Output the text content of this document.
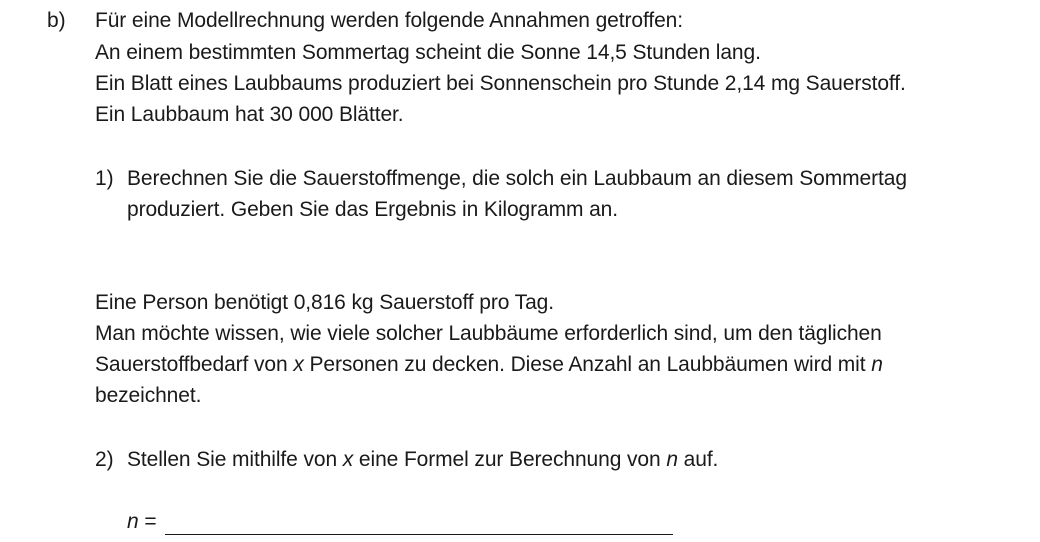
b) Für eine Modellrechnung werden folgende Annahmen getroffen:
An einem bestimmten Sommertag scheint die Sonne 14,5 Stunden lang.
Ein Blatt eines Laubbaums produziert bei Sonnenschein pro Stunde 2,14 mg Sauerstoff.
Ein Laubbaum hat 30 000 Blätter.
1) Berechnen Sie die Sauerstoffmenge, die solch ein Laubbaum an diesem Sommertag
produziert. Geben Sie das Ergebnis in Kilogramm an.
Eine Person benötigt 0,816 kg Sauerstoff pro Tag.
Man möchte wissen, wie viele solcher Laubbäume erforderlich sind, um den täglichen
Sauerstoffbedarf von x Personen zu decken. Diese Anzahl an Laubbäumen wird mit n
bezeichnet.
2) Stellen Sie mithilfe von x eine Formel zur Berechnung von n auf.
n =
